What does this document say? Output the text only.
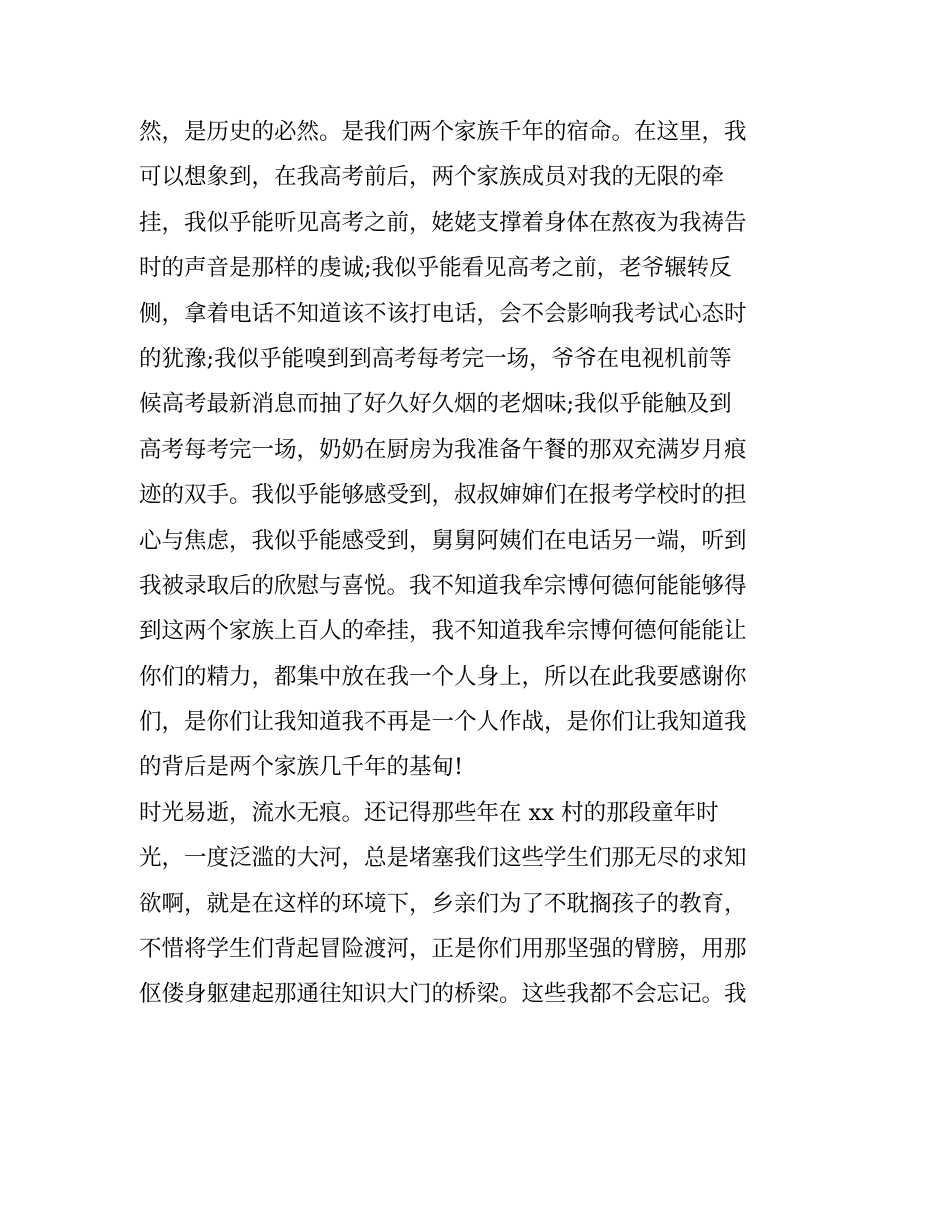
然，是历史的必然。是我们两个家族千年的宿命。在这里，我
可以想象到，在我高考前后，两个家族成员对我的无限的牵
挂，我似乎能听见高考之前，姥姥支撑着身体在熬夜为我祷告
时的声音是那样的虔诚;我似乎能看见高考之前，老爷辗转反
侧，拿着电话不知道该不该打电话，会不会影响我考试心态时
的犹豫;我似乎能嗅到到高考每考完一场，爷爷在电视机前等
候高考最新消息而抽了好久好久烟的老烟味;我似乎能触及到
高考每考完一场，奶奶在厨房为我准备午餐的那双充满岁月痕
迹的双手。我似乎能够感受到，叔叔婶婶们在报考学校时的担
心与焦虑，我似乎能感受到，舅舅阿姨们在电话另一端，听到
我被录取后的欣慰与喜悦。我不知道我牟宗博何德何能能够得
到这两个家族上百人的牵挂，我不知道我牟宗博何德何能能让
你们的精力，都集中放在我一个人身上，所以在此我要感谢你
们，是你们让我知道我不再是一个人作战，是你们让我知道我
的背后是两个家族几千年的基甸!
时光易逝，流水无痕。还记得那些年在 xx 村的那段童年时
光，一度泛滥的大河，总是堵塞我们这些学生们那无尽的求知
欲啊，就是在这样的环境下，乡亲们为了不耽搁孩子的教育，
不惜将学生们背起冒险渡河，正是你们用那坚强的臂膀，用那
伛偻身躯建起那通往知识大门的桥梁。这些我都不会忘记。我
